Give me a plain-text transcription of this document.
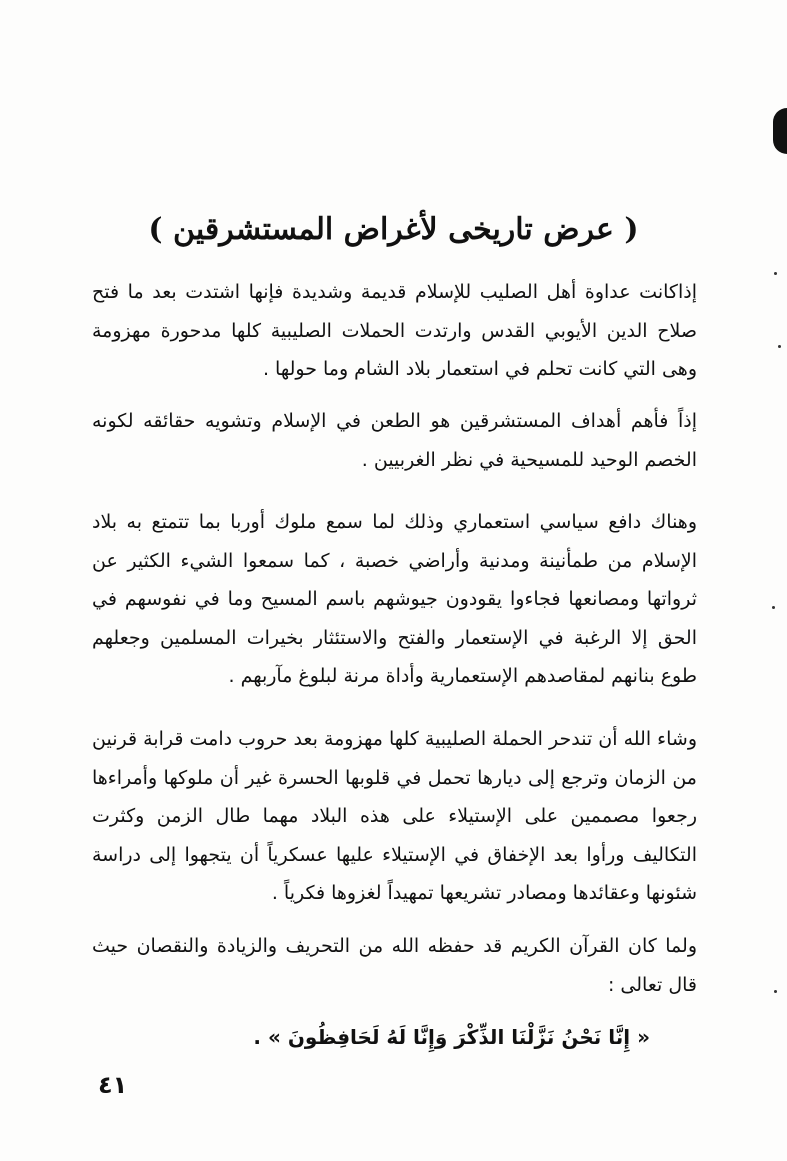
( عرض تاريخى لأغراض المستشرقين )

إذاكانت عداوة أهل الصليب للإسلام قديمة وشديدة فإنها اشتدت بعد ما فتح صلاح الدين الأيوبي القدس وارتدت الحملات الصليبية كلها مدحورة مهزومة وهى التي كانت تحلم في استعمار بلاد الشام وما حولها .

إذاً فأهم أهداف المستشرقين هو الطعن في الإسلام وتشويه حقائقه لكونه الخصم الوحيد للمسيحية في نظر الغربيين .

وهناك دافع سياسي استعماري وذلك لما سمع ملوك أوربا بما تتمتع به بلاد الإسلام من طمأنينة ومدنية وأراضي خصبة ، كما سمعوا الشيء الكثير عن ثرواتها ومصانعها فجاءوا يقودون جيوشهم باسم المسيح وما في نفوسهم في الحق إلا الرغبة في الإستعمار والفتح والاستئثار بخيرات المسلمين وجعلهم طوع بنانهم لمقاصدهم الإستعمارية وأداة مرنة لبلوغ مآربهم .

وشاء الله أن تندحر الحملة الصليبية كلها مهزومة بعد حروب دامت قرابة قرنين من الزمان وترجع إلى ديارها تحمل في قلوبها الحسرة غير أن ملوكها وأمراءها رجعوا مصممين على الإستيلاء على هذه البلاد مهما طال الزمن وكثرت التكاليف ورأوا بعد الإخفاق في الإستيلاء عليها عسكرياً أن يتجهوا إلى دراسة شئونها وعقائدها ومصادر تشريعها تمهيداً لغزوها فكرياً .

ولما كان القرآن الكريم قد حفظه الله من التحريف والزيادة والنقصان حيث قال تعالى :

« إِنَّا نَحْنُ نَزَّلْنَا الذِّكْرَ وَإِنَّا لَهُ لَحَافِظُونَ » .
٤١
